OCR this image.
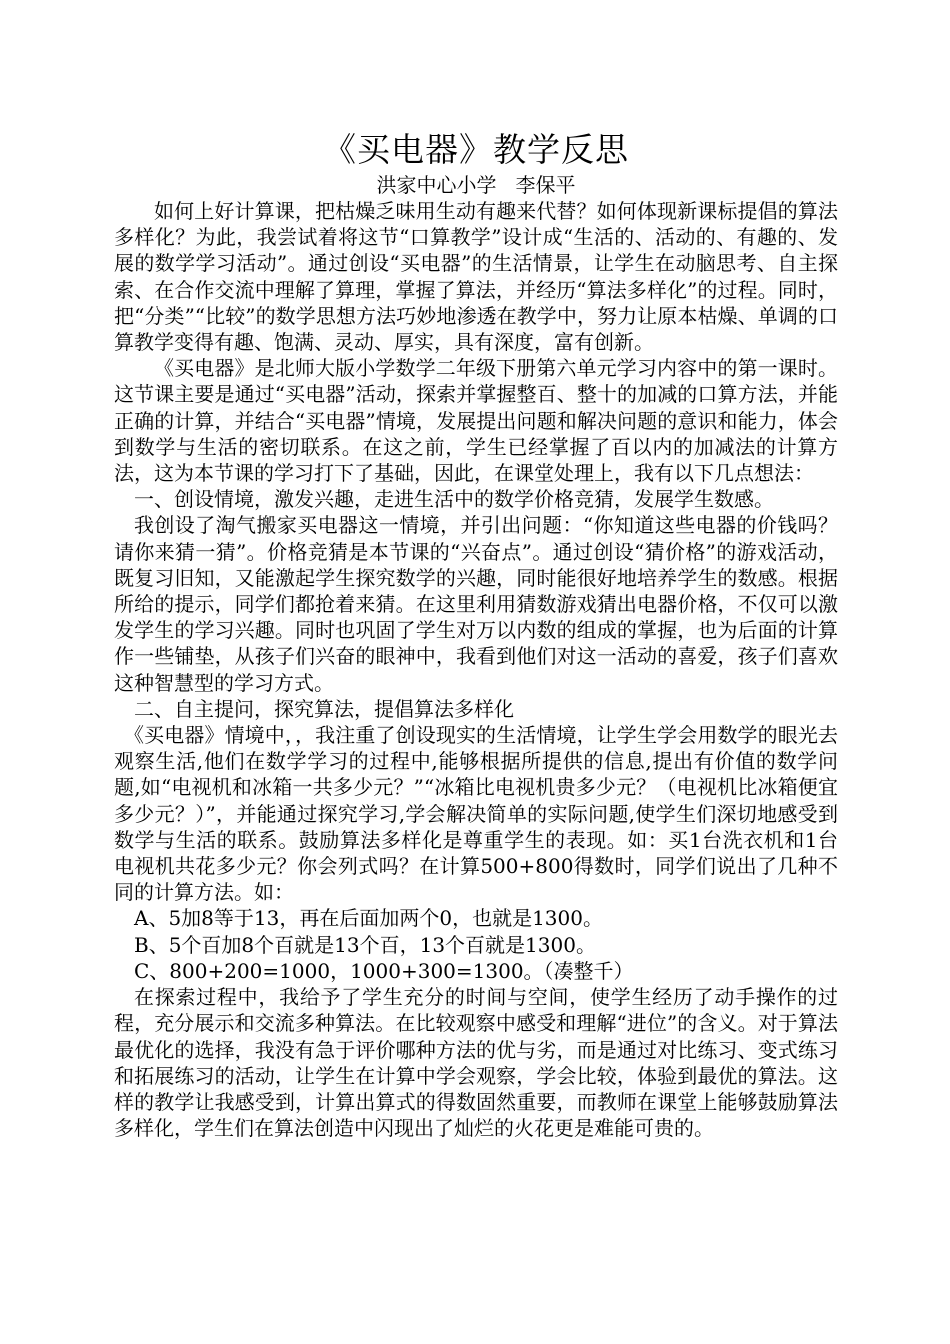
《买电器》教学反思
洪家中心小学   李保平

如何上好计算课，把枯燥乏味用生动有趣来代替？如何体现新课标提倡的算法多样化？为此，我尝试着将这节“口算教学”设计成“生活的、活动的、有趣的、发展的数学学习活动”。通过创设“买电器”的生活情景，让学生在动脑思考、自主探索、在合作交流中理解了算理，掌握了算法，并经历“算法多样化”的过程。同时，把“分类”“比较”的数学思想方法巧妙地渗透在教学中，努力让原本枯燥、单调的口算教学变得有趣、饱满、灵动、厚实，具有深度，富有创新。

《买电器》是北师大版小学数学二年级下册第六单元学习内容中的第一课时。这节课主要是通过“买电器”活动，探索并掌握整百、整十的加减的口算方法，并能正确的计算，并结合“买电器”情境，发展提出问题和解决问题的意识和能力，体会到数学与生活的密切联系。在这之前，学生已经掌握了百以内的加减法的计算方法，这为本节课的学习打下了基础，因此，在课堂处理上，我有以下几点想法：

一、创设情境，激发兴趣，走进生活中的数学价格竞猜，发展学生数感。

我创设了淘气搬家买电器这一情境，并引出问题：“你知道这些电器的价钱吗？请你来猜一猜”。价格竞猜是本节课的“兴奋点”。通过创设“猜价格”的游戏活动，既复习旧知，又能激起学生探究数学的兴趣，同时能很好地培养学生的数感。根据所给的提示，同学们都抢着来猜。在这里利用猜数游戏猜出电器价格，不仅可以激发学生的学习兴趣。同时也巩固了学生对万以内数的组成的掌握，也为后面的计算作一些铺垫，从孩子们兴奋的眼神中，我看到他们对这一活动的喜爱，孩子们喜欢这种智慧型的学习方式。

二、自主提问，探究算法，提倡算法多样化

《买电器》情境中，，我注重了创设现实的生活情境，让学生学会用数学的眼光去观察生活,他们在数学学习的过程中,能够根据所提供的信息,提出有价值的数学问题,如“电视机和冰箱一共多少元？”“冰箱比电视机贵多少元？（电视机比冰箱便宜多少元？）”，并能通过探究学习,学会解决简单的实际问题,使学生们深切地感受到数学与生活的联系。鼓励算法多样化是尊重学生的表现。如：买1台洗衣机和1台电视机共花多少元？你会列式吗？在计算500+800得数时，同学们说出了几种不同的计算方法。如：

A、5加8等于13，再在后面加两个0，也就是1300。

B、5个百加8个百就是13个百，13个百就是1300。

C、800+200=1000，1000+300=1300。（凑整千）

在探索过程中，我给予了学生充分的时间与空间，使学生经历了动手操作的过程，充分展示和交流多种算法。在比较观察中感受和理解“进位”的含义。对于算法最优化的选择，我没有急于评价哪种方法的优与劣，而是通过对比练习、变式练习和拓展练习的活动，让学生在计算中学会观察，学会比较，体验到最优的算法。这样的教学让我感受到，计算出算式的得数固然重要，而教师在课堂上能够鼓励算法多样化，学生们在算法创造中闪现出了灿烂的火花更是难能可贵的。
